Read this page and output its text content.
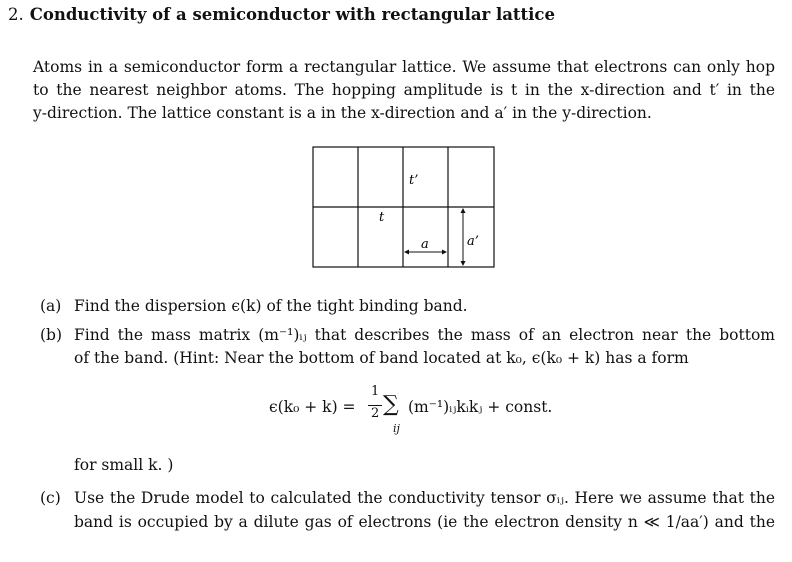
2. Conductivity of a semiconductor with rectangular lattice
Atoms in a semiconductor form a rectangular lattice. We assume that electrons can only hop
to the nearest neighbor atoms. The hopping amplitude is t in the x-direction and t′ in the
y-direction. The lattice constant is a in the x-direction and a′ in the y-direction.
t’
t
a	a’
(a) Find the dispersion ϵ(k) of the tight binding band.
(b) Find the mass matrix (m⁻¹)ᵢⱼ that describes the mass of an electron near the bottom
of the band. (Hint: Near the bottom of band located at k₀, ϵ(k₀ + k) has a form
ϵ(k₀ + k) =
1
2 ∑
ij
(m⁻¹)ᵢⱼkᵢkⱼ + const.
for small k. )
(c) Use the Drude model to calculated the conductivity tensor σᵢⱼ. Here we assume that the
band is occupied by a dilute gas of electrons (ie the electron density n ≪ 1/aa′) and the
